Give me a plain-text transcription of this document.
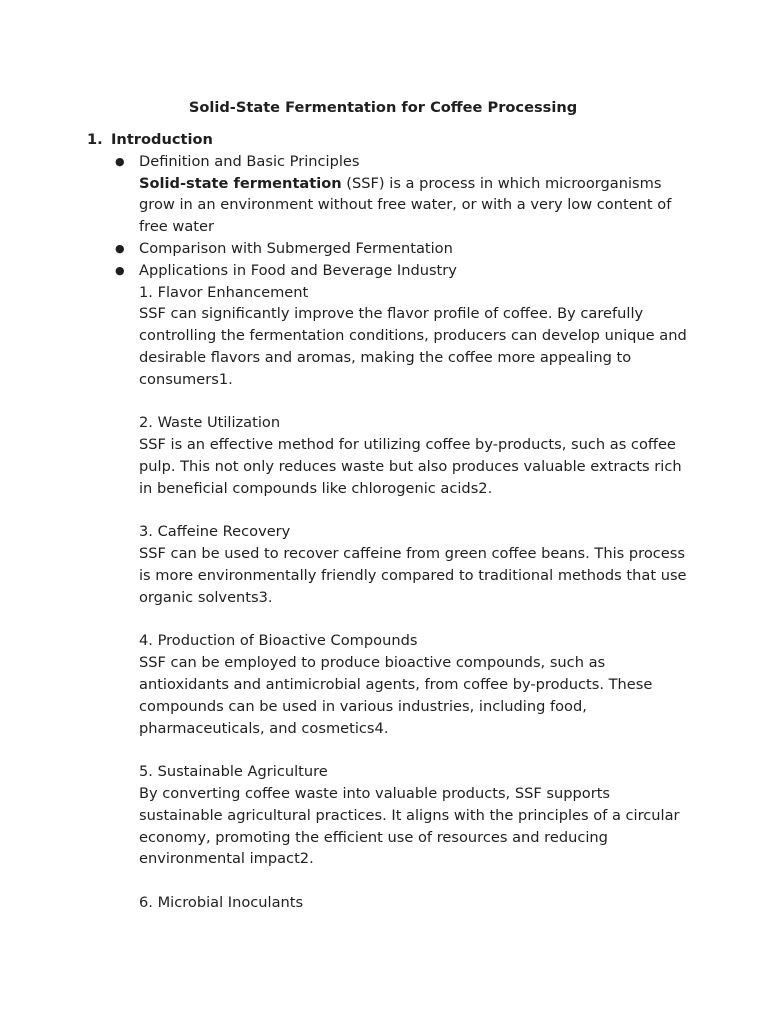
Solid-State Fermentation for Coffee Processing

1. Introduction

● Definition and Basic Principles

Solid-state fermentation (SSF) is a process in which microorganisms grow in an environment without free water, or with a very low content of free water

● Comparison with Submerged Fermentation

● Applications in Food and Beverage Industry

1. Flavor Enhancement

SSF can significantly improve the flavor profile of coffee. By carefully controlling the fermentation conditions, producers can develop unique and desirable flavors and aromas, making the coffee more appealing to consumers1.

2. Waste Utilization

SSF is an effective method for utilizing coffee by-products, such as coffee pulp. This not only reduces waste but also produces valuable extracts rich in beneficial compounds like chlorogenic acids2.

3. Caffeine Recovery

SSF can be used to recover caffeine from green coffee beans. This process is more environmentally friendly compared to traditional methods that use organic solvents3.

4. Production of Bioactive Compounds

SSF can be employed to produce bioactive compounds, such as antioxidants and antimicrobial agents, from coffee by-products. These compounds can be used in various industries, including food, pharmaceuticals, and cosmetics4.

5. Sustainable Agriculture

By converting coffee waste into valuable products, SSF supports sustainable agricultural practices. It aligns with the principles of a circular economy, promoting the efficient use of resources and reducing environmental impact2.

6. Microbial Inoculants
